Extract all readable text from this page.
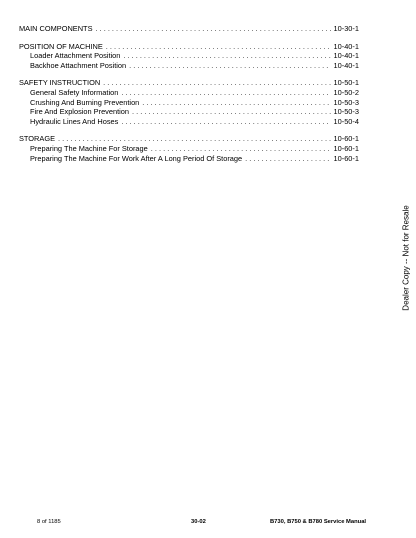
MAIN COMPONENTS . . .	10-30-1
POSITION OF MACHINE . . .	10-40-1
Loader Attachment Position . . .	10-40-1
Backhoe Attachment Position . . .	10-40-1
SAFETY INSTRUCTION . . .	10-50-1
General Safety Information . . .	10-50-2
Crushing And Burning Prevention . . .	10-50-3
Fire And Explosion Prevention . . .	10-50-3
Hydraulic Lines And Hoses . . .	10-50-4
STORAGE . . .	10-60-1
Preparing The Machine For Storage . . .	10-60-1
Preparing The Machine For Work After A Long Period Of Storage . . .	10-60-1
Dealer Copy -- Not for Resale
8 of 1185	30-02	B730, B750 & B780 Service Manual
